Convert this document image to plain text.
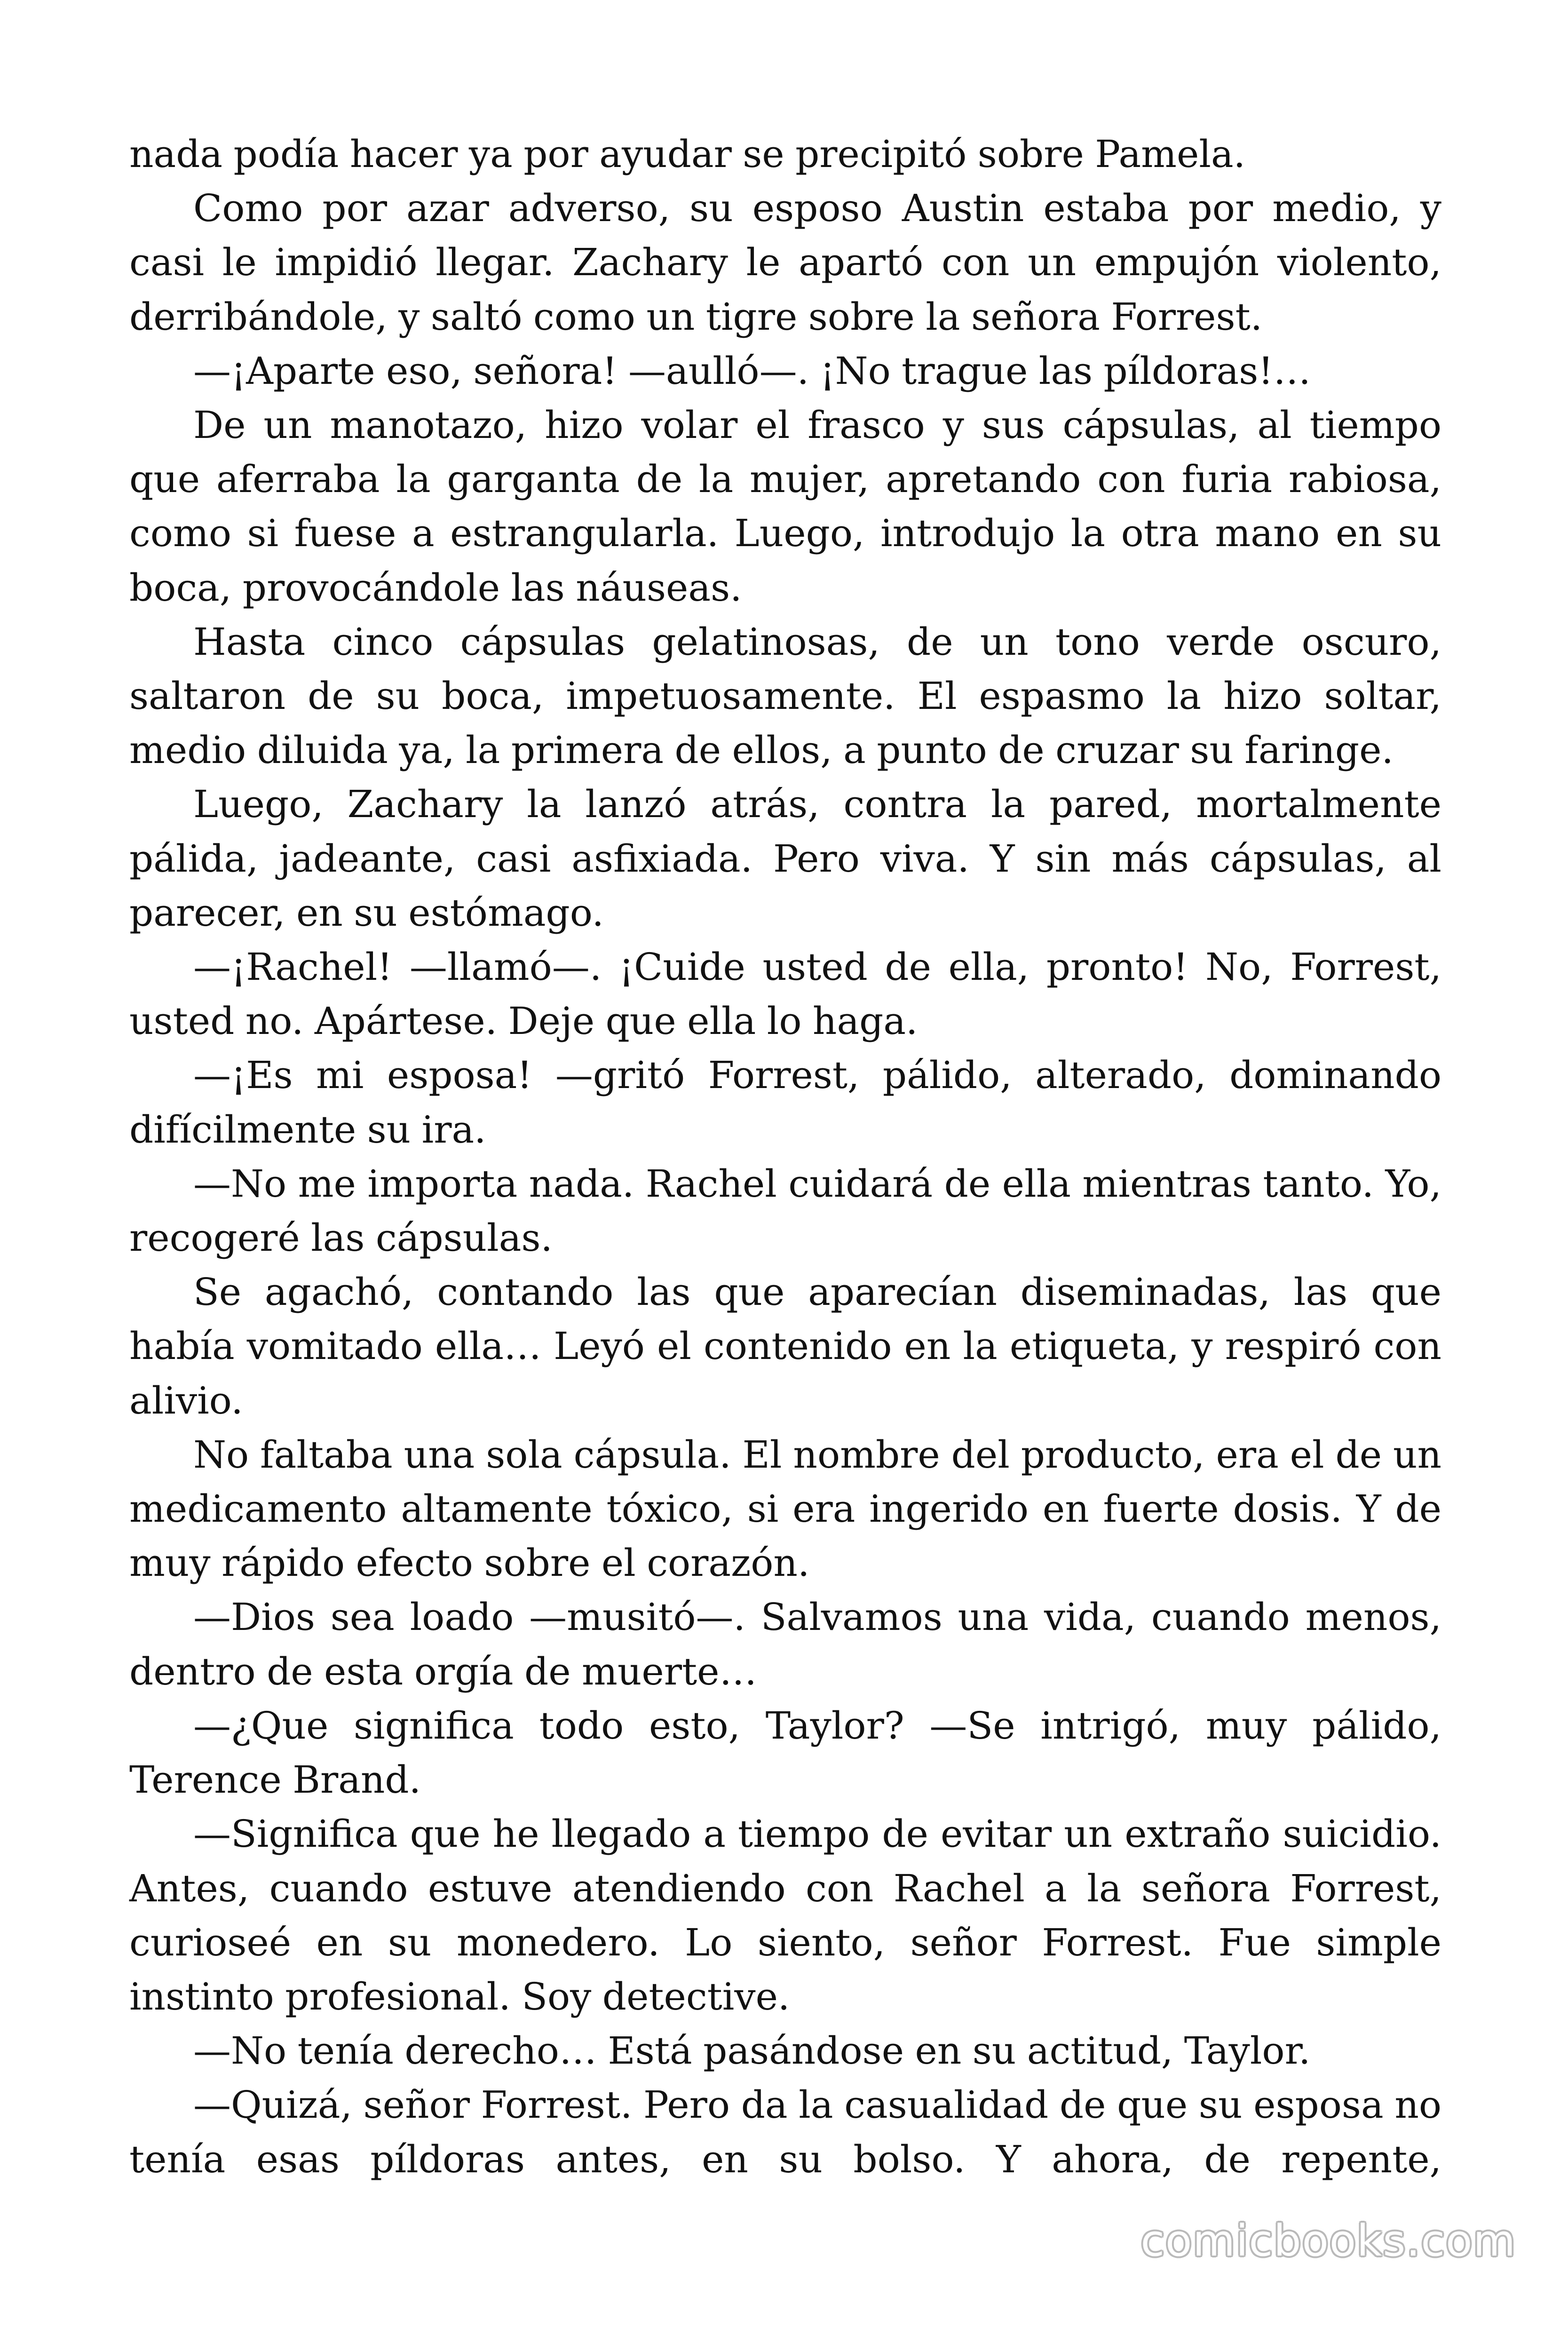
nada podía hacer ya por ayudar se precipitó sobre Pamela.

Como por azar adverso, su esposo Austin estaba por medio, y casi le impidió llegar. Zachary le apartó con un empujón violento, derribándole, y saltó como un tigre sobre la señora Forrest.

—¡Aparte eso, señora! —aulló—. ¡No trague las píldoras!…

De un manotazo, hizo volar el frasco y sus cápsulas, al tiempo que aferraba la garganta de la mujer, apretando con furia rabiosa, como si fuese a estrangularla. Luego, introdujo la otra mano en su boca, provocándole las náuseas.

Hasta cinco cápsulas gelatinosas, de un tono verde oscuro, saltaron de su boca, impetuosamente. El espasmo la hizo soltar, medio diluida ya, la primera de ellos, a punto de cruzar su faringe.

Luego, Zachary la lanzó atrás, contra la pared, mortalmente pálida, jadeante, casi asfixiada. Pero viva. Y sin más cápsulas, al parecer, en su estómago.

—¡Rachel! —llamó—. ¡Cuide usted de ella, pronto! No, Forrest, usted no. Apártese. Deje que ella lo haga.

—¡Es mi esposa! —gritó Forrest, pálido, alterado, dominando difícilmente su ira.

—No me importa nada. Rachel cuidará de ella mientras tanto. Yo, recogeré las cápsulas.

Se agachó, contando las que aparecían diseminadas, las que había vomitado ella… Leyó el contenido en la etiqueta, y respiró con alivio.

No faltaba una sola cápsula. El nombre del producto, era el de un medicamento altamente tóxico, si era ingerido en fuerte dosis. Y de muy rápido efecto sobre el corazón.

—Dios sea loado —musitó—. Salvamos una vida, cuando menos, dentro de esta orgía de muerte…

—¿Que significa todo esto, Taylor? —Se intrigó, muy pálido, Terence Brand.

—Significa que he llegado a tiempo de evitar un extraño suicidio. Antes, cuando estuve atendiendo con Rachel a la señora Forrest, curioseé en su monedero. Lo siento, señor Forrest. Fue simple instinto profesional. Soy detective.

—No tenía derecho… Está pasándose en su actitud, Taylor.

—Quizá, señor Forrest. Pero da la casualidad de que su esposa no tenía esas píldoras antes, en su bolso. Y ahora, de repente,

comicbooks.com
